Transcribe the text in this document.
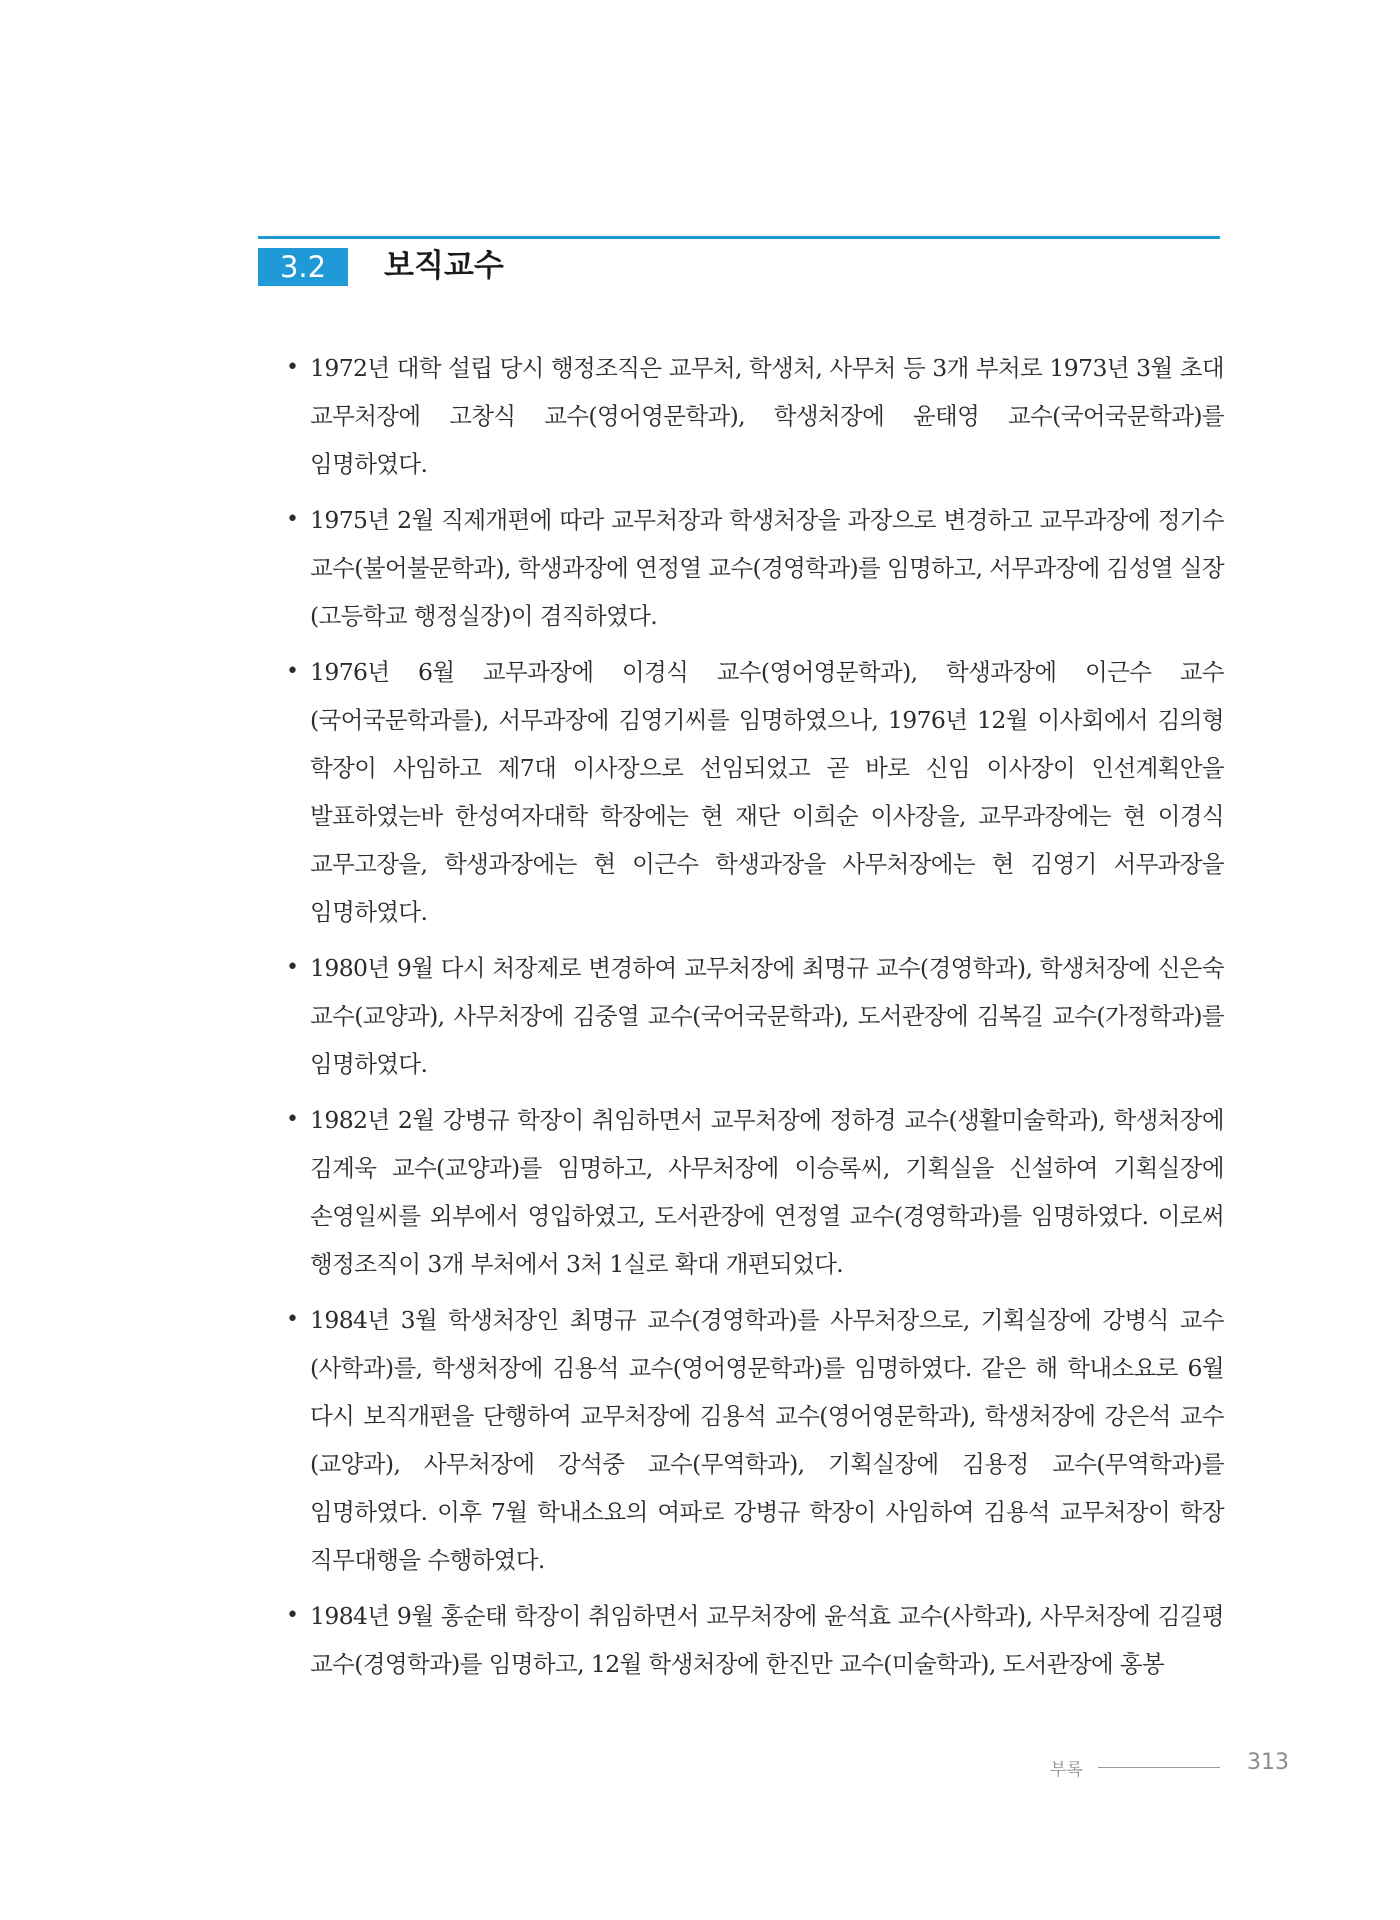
3.2 보직교수
• 1972년 대학 설립 당시 행정조직은 교무처, 학생처, 사무처 등 3개 부처로 1973년 3월 초대 교무처장에 고창식 교수(영어영문학과), 학생처장에 윤태영 교수(국어국문학과)를 임명하였다.
• 1975년 2월 직제개편에 따라 교무처장과 학생처장을 과장으로 변경하고 교무과장에 정기수 교수(불어불문학과), 학생과장에 연정열 교수(경영학과)를 임명하고, 서무과장에 김성열 실장(고등학교 행정실장)이 겸직하였다.
• 1976년 6월 교무과장에 이경식 교수(영어영문학과), 학생과장에 이근수 교수(국어국문학과를), 서무과장에 김영기씨를 임명하였으나, 1976년 12월 이사회에서 김의형 학장이 사임하고 제7대 이사장으로 선임되었고 곧 바로 신임 이사장이 인선계획안을 발표하였는바 한성여자대학 학장에는 현 재단 이희순 이사장을, 교무과장에는 현 이경식 교무고장을, 학생과장에는 현 이근수 학생과장을 사무처장에는 현 김영기 서무과장을 임명하였다.
• 1980년 9월 다시 처장제로 변경하여 교무처장에 최명규 교수(경영학과), 학생처장에 신은숙 교수(교양과), 사무처장에 김중열 교수(국어국문학과), 도서관장에 김복길 교수(가정학과)를 임명하였다.
• 1982년 2월 강병규 학장이 취임하면서 교무처장에 정하경 교수(생활미술학과), 학생처장에 김계욱 교수(교양과)를 임명하고, 사무처장에 이승록씨, 기획실을 신설하여 기획실장에 손영일씨를 외부에서 영입하였고, 도서관장에 연정열 교수(경영학과)를 임명하였다. 이로써 행정조직이 3개 부처에서 3처 1실로 확대 개편되었다.
• 1984년 3월 학생처장인 최명규 교수(경영학과)를 사무처장으로, 기획실장에 강병식 교수(사학과)를, 학생처장에 김용석 교수(영어영문학과)를 임명하였다. 같은 해 학내소요로 6월 다시 보직개편을 단행하여 교무처장에 김용석 교수(영어영문학과), 학생처장에 강은석 교수(교양과), 사무처장에 강석중 교수(무역학과), 기획실장에 김용정 교수(무역학과)를 임명하였다. 이후 7월 학내소요의 여파로 강병규 학장이 사임하여 김용석 교무처장이 학장 직무대행을 수행하였다.
• 1984년 9월 홍순태 학장이 취임하면서 교무처장에 윤석효 교수(사학과), 사무처장에 김길평 교수(경영학과)를 임명하고, 12월 학생처장에 한진만 교수(미술학과), 도서관장에 홍봉
부록	313
